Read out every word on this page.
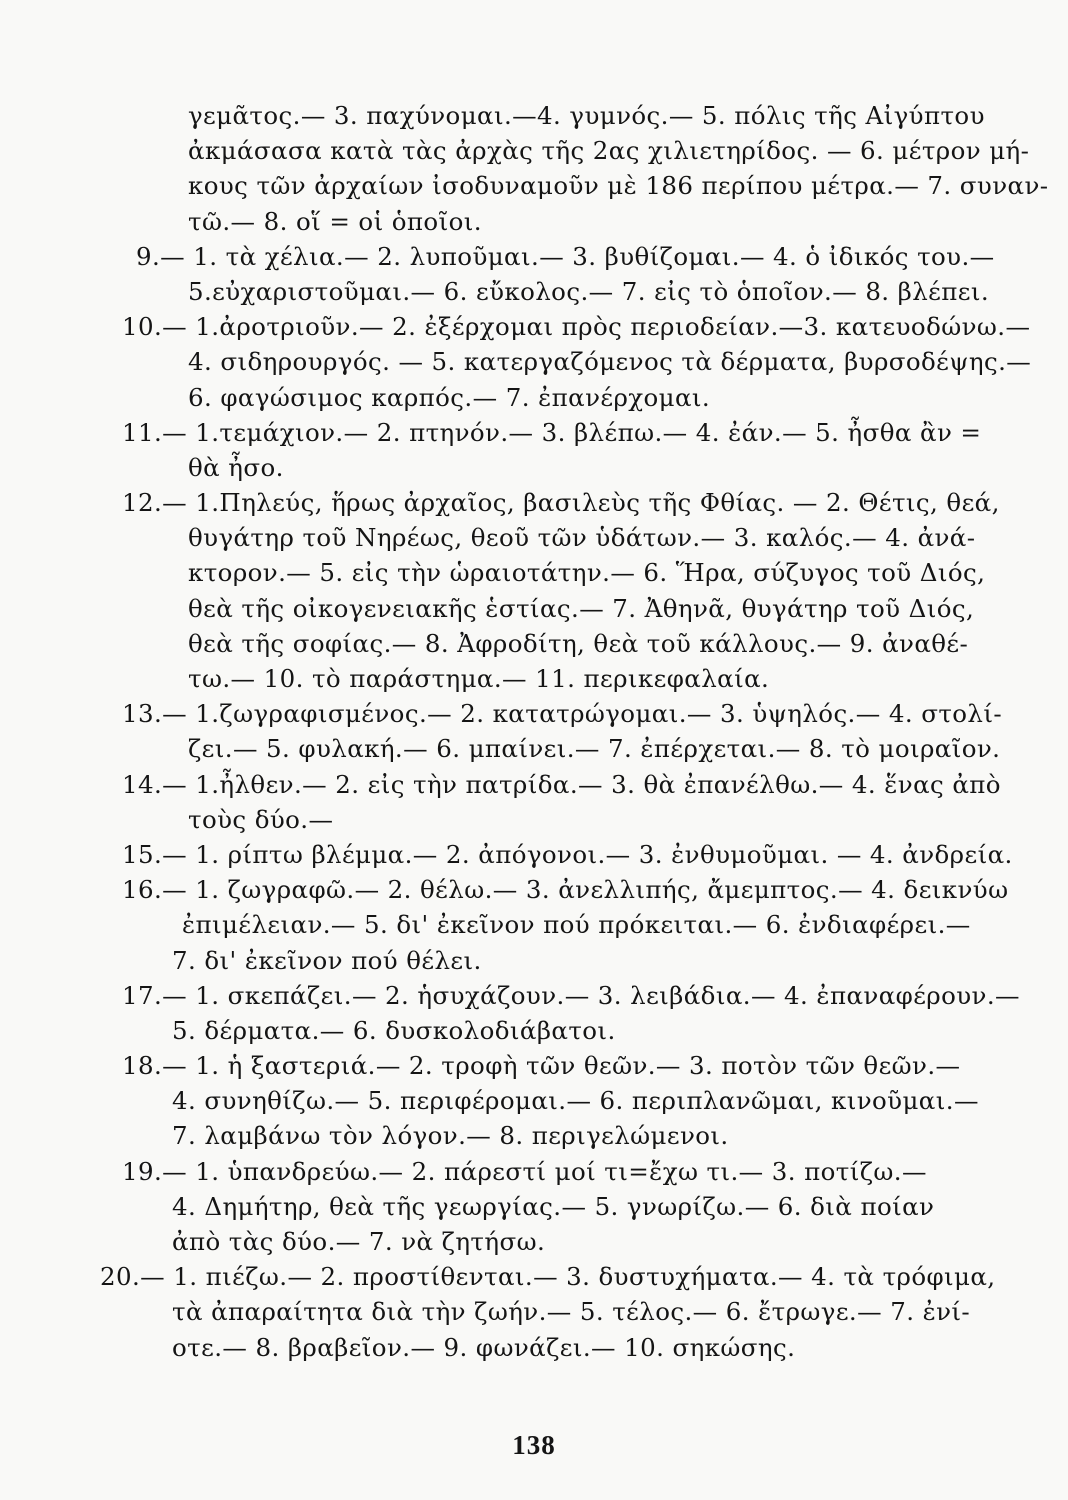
γεμᾶτος.— 3. παχύνομαι.—4. γυμνός.— 5. πόλις τῆς Αἰγύπτου
ἀκμάσασα κατὰ τὰς ἀρχὰς τῆς 2ας χιλιετηρίδος. — 6. μέτρον μή-
κους τῶν ἀρχαίων ἰσοδυναμοῦν μὲ 186 περίπου μέτρα.— 7. συναν-
τῶ.— 8. οἵ = οἱ ὁποῖοι.
9.— 1. τὰ χέλια.— 2. λυποῦμαι.— 3. βυθίζομαι.— 4. ὁ ἰδικός του.—
5.εὐχαριστοῦμαι.— 6. εὔκολος.— 7. εἰς τὸ ὁποῖον.— 8. βλέπει.
10.— 1.ἀροτριοῦν.— 2. ἐξέρχομαι πρὸς περιοδείαν.—3. κατευοδώνω.—
4. σιδηρουργός. — 5. κατεργαζόμενος τὰ δέρματα, βυρσοδέψης.—
6. φαγώσιμος καρπός.— 7. ἐπανέρχομαι.
11.— 1.τεμάχιον.— 2. πτηνόν.— 3. βλέπω.— 4. ἐάν.— 5. ἦσθα ἂν =
θὰ ἦσο.
12.— 1.Πηλεύς, ἥρως ἀρχαῖος, βασιλεὺς τῆς Φθίας. — 2. Θέτις, θεά,
θυγάτηρ τοῦ Νηρέως, θεοῦ τῶν ὑδάτων.— 3. καλός.— 4. ἀνά-
κτορον.— 5. εἰς τὴν ὡραιοτάτην.— 6. Ἥρα, σύζυγος τοῦ Διός,
θεὰ τῆς οἰκογενειακῆς ἑστίας.— 7. Ἀθηνᾶ, θυγάτηρ τοῦ Διός,
θεὰ τῆς σοφίας.— 8. Ἀφροδίτη, θεὰ τοῦ κάλλους.— 9. ἀναθέ-
τω.— 10. τὸ παράστημα.— 11. περικεφαλαία.
13.— 1.ζωγραφισμένος.— 2. κατατρώγομαι.— 3. ὑψηλός.— 4. στολί-
ζει.— 5. φυλακή.— 6. μπαίνει.— 7. ἐπέρχεται.— 8. τὸ μοιραῖον.
14.— 1.ἦλθεν.— 2. εἰς τὴν πατρίδα.— 3. θὰ ἐπανέλθω.— 4. ἕνας ἀπὸ
τοὺς δύο.—
15.— 1. ρίπτω βλέμμα.— 2. ἀπόγονοι.— 3. ἐνθυμοῦμαι. — 4. ἀνδρεία.
16.— 1. ζωγραφῶ.— 2. θέλω.— 3. ἀνελλιπής, ἄμεμπτος.— 4. δεικνύω
ἐπιμέλειαν.— 5. δι' ἐκεῖνον πού πρόκειται.— 6. ἐνδιαφέρει.—
7. δι' ἐκεῖνον πού θέλει.
17.— 1. σκεπάζει.— 2. ἡσυχάζουν.— 3. λειβάδια.— 4. ἐπαναφέρουν.—
5. δέρματα.— 6. δυσκολοδιάβατοι.
18.— 1. ἡ ξαστεριά.— 2. τροφὴ τῶν θεῶν.— 3. ποτὸν τῶν θεῶν.—
4. συνηθίζω.— 5. περιφέρομαι.— 6. περιπλανῶμαι, κινοῦμαι.—
7. λαμβάνω τὸν λόγον.— 8. περιγελώμενοι.
19.— 1. ὑπανδρεύω.— 2. πάρεστί μοί τι=ἔχω τι.— 3. ποτίζω.—
4. Δημήτηρ, θεὰ τῆς γεωργίας.— 5. γνωρίζω.— 6. διὰ ποίαν
ἀπὸ τὰς δύο.— 7. νὰ ζητήσω.
20.— 1. πιέζω.— 2. προστίθενται.— 3. δυστυχήματα.— 4. τὰ τρόφιμα,
τὰ ἀπαραίτητα διὰ τὴν ζωήν.— 5. τέλος.— 6. ἔτρωγε.— 7. ἐνί-
οτε.— 8. βραβεῖον.— 9. φωνάζει.— 10. σηκώσης.
138
